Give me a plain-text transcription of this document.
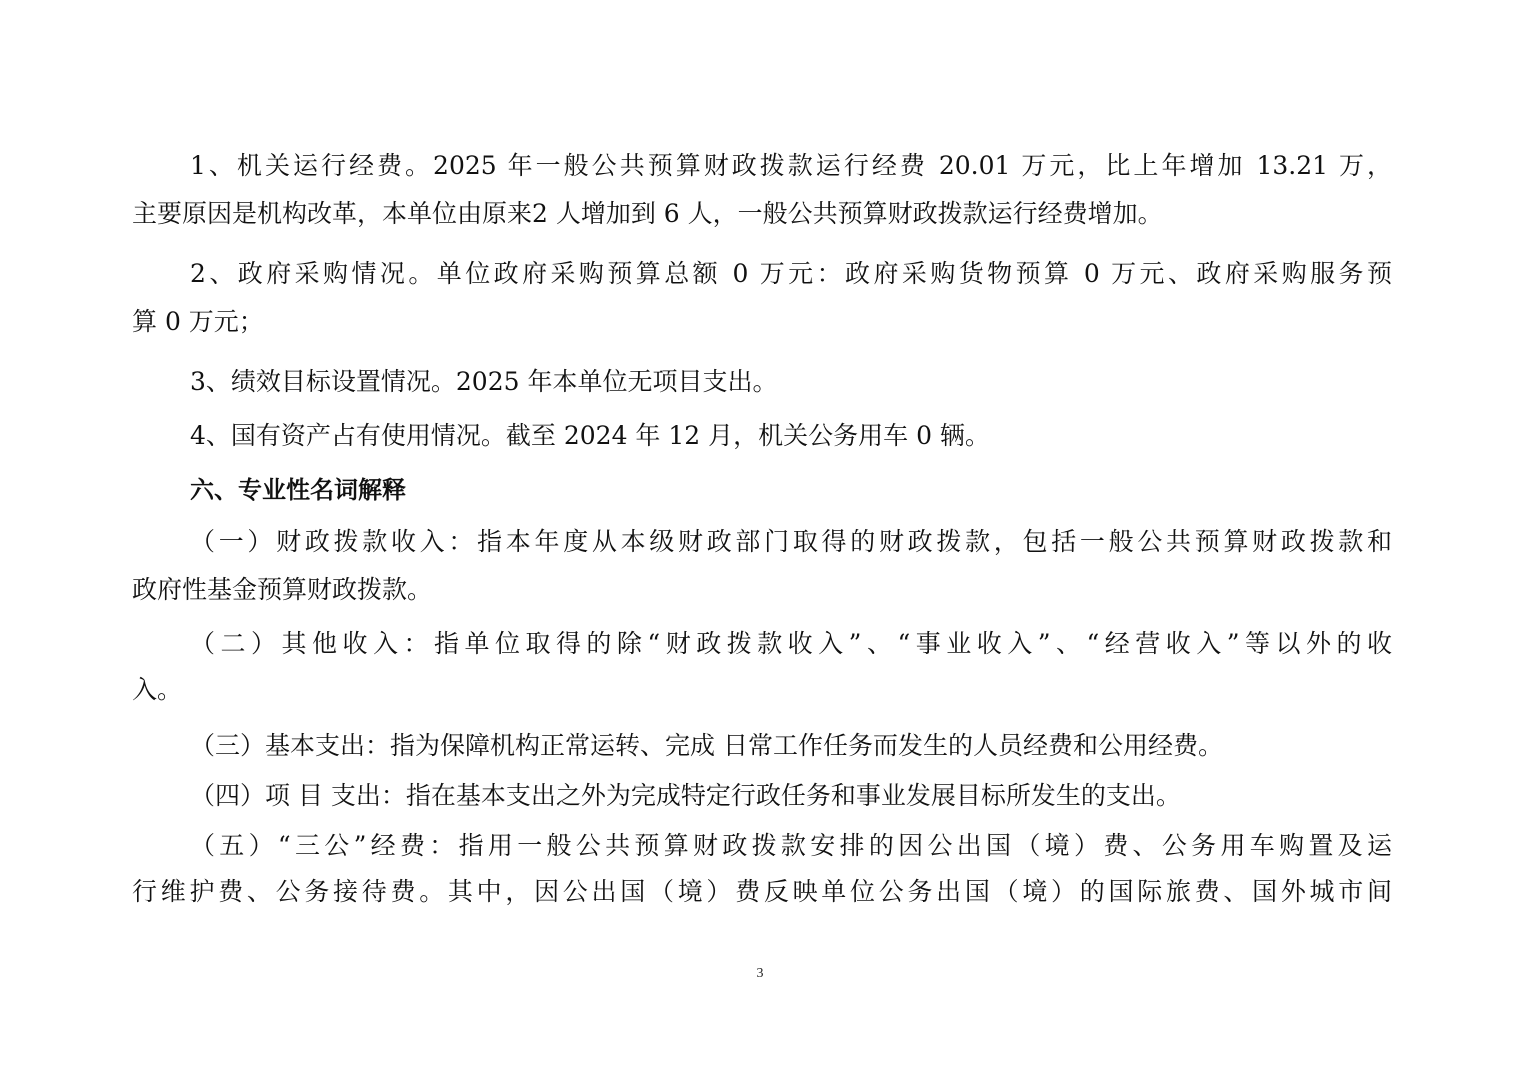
1、机关运行经费。2025 年一般公共预算财政拨款运行经费 20.01 万元，比上年增加 13.21 万，
主要原因是机构改革，本单位由原来2 人增加到 6 人，一般公共预算财政拨款运行经费增加。
2、政府采购情况。单位政府采购预算总额 0 万元：政府采购货物预算 0 万元、政府采购服务预
算 0 万元；
3、绩效目标设置情况。2025 年本单位无项目支出。
4、国有资产占有使用情况。截至 2024 年 12 月，机关公务用车 0 辆。
六、专业性名词解释
（一）财政拨款收入：指本年度从本级财政部门取得的财政拨款，包括一般公共预算财政拨款和
政府性基金预算财政拨款。
（二）其他收入：指单位取得的除“财政拨款收入”、“事业收入”、“经营收入”等以外的收
入。
（三）基本支出：指为保障机构正常运转、完成 日常工作任务而发生的人员经费和公用经费。
（四）项 目 支出：指在基本支出之外为完成特定行政任务和事业发展目标所发生的支出。
（五）“三公”经费：指用一般公共预算财政拨款安排的因公出国（境）费、公务用车购置及运
行维护费、公务接待费。其中，因公出国（境）费反映单位公务出国（境）的国际旅费、国外城市间
3
